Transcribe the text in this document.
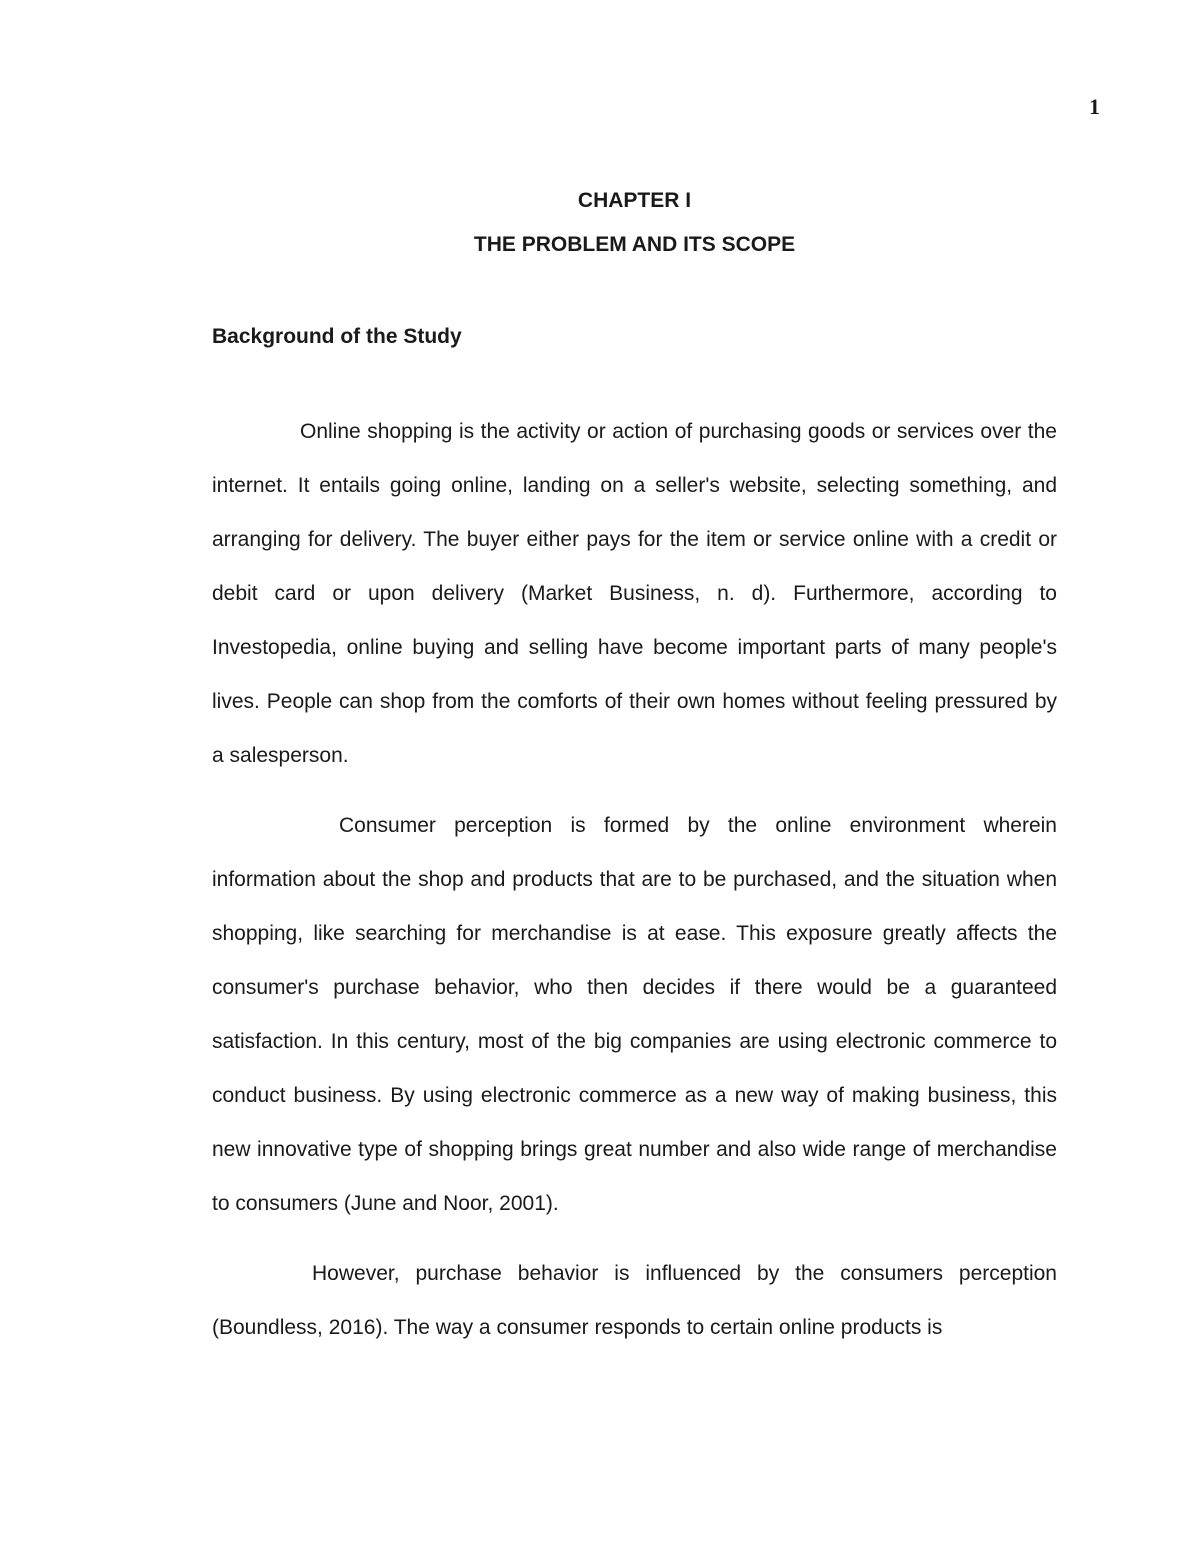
1

CHAPTER I

THE PROBLEM AND ITS SCOPE

Background of the Study

Online shopping is the activity or action of purchasing goods or services over the internet. It entails going online, landing on a seller's website, selecting something, and arranging for delivery. The buyer either pays for the item or service online with a credit or debit card or upon delivery (Market Business, n. d). Furthermore, according to Investopedia, online buying and selling have become important parts of many people's lives. People can shop from the comforts of their own homes without feeling pressured by a salesperson.

Consumer perception is formed by the online environment wherein information about the shop and products that are to be purchased, and the situation when shopping, like searching for merchandise is at ease. This exposure greatly affects the consumer's purchase behavior, who then decides if there would be a guaranteed satisfaction. In this century, most of the big companies are using electronic commerce to conduct business. By using electronic commerce as a new way of making business, this new innovative type of shopping brings great number and also wide range of merchandise to consumers (June and Noor, 2001).

However, purchase behavior is influenced by the consumers perception (Boundless, 2016). The way a consumer responds to certain online products is
